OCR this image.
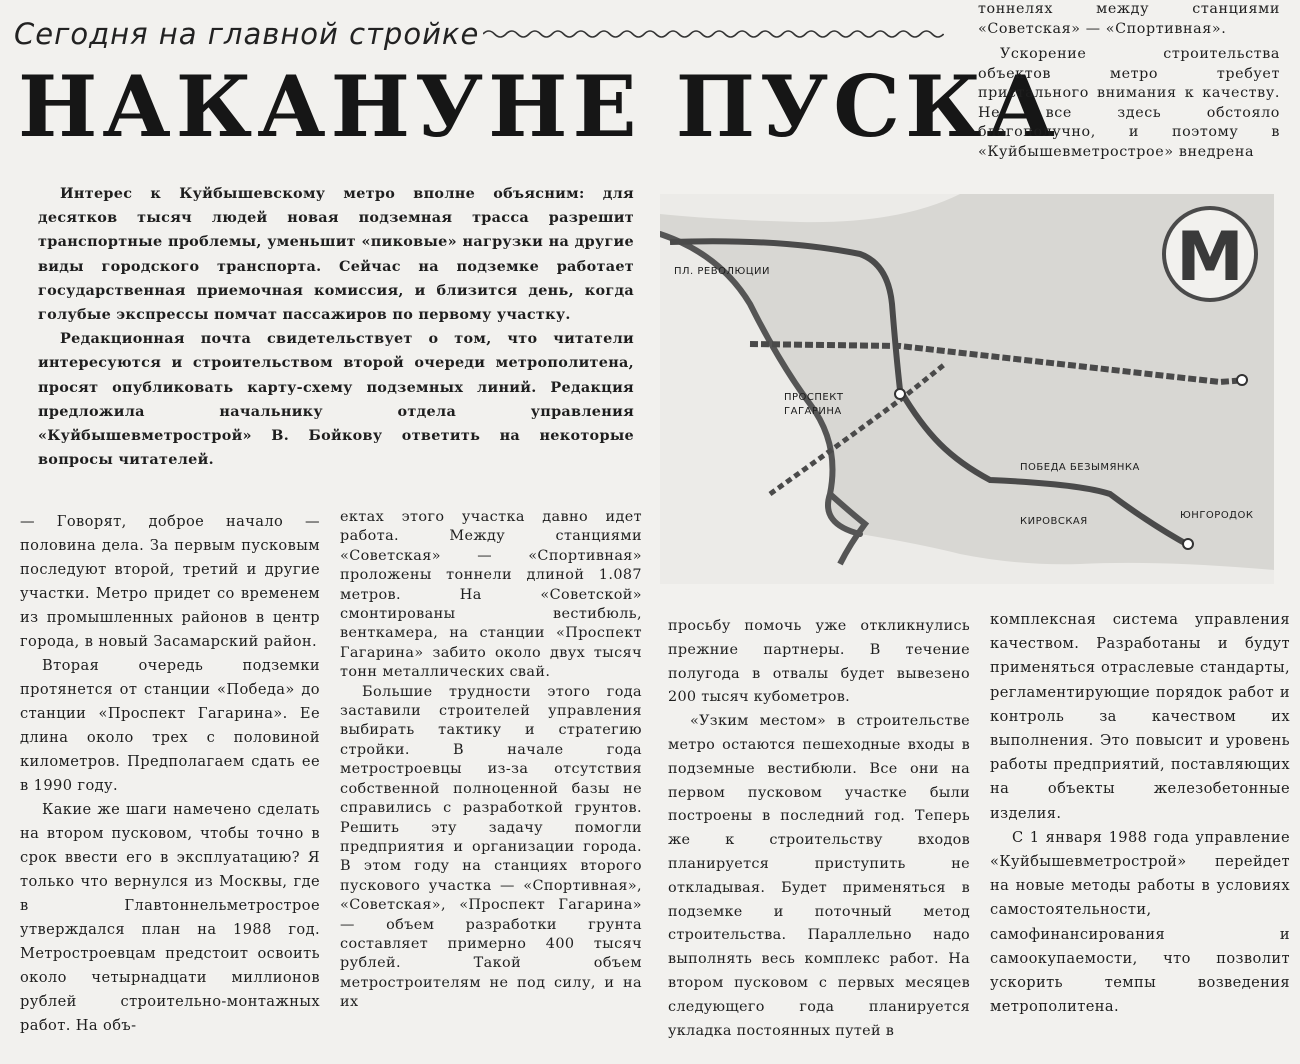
Сегодня на главной стройке
НАКАНУНЕ ПУСКА

тоннелях между станциями «Советская» — «Спортивная».

Ускорение строительства объектов метро требует пристального внимания к качеству. Не все здесь обстояло благополучно, и поэтому в «Куйбышевметрострое» внедрена

Интерес к Куйбышевскому метро вполне объясним: для десятков тысяч людей новая подземная трасса разрешит транспортные проблемы, уменьшит «пиковые» нагрузки на другие виды городского транспорта. Сейчас на подземке работает государственная приемочная комиссия, и близится день, когда голубые экспрессы помчат пассажиров по первому участку.

Редакционная почта свидетельствует о том, что читатели интересуются и строительством второй очереди метрополитена, просят опубликовать карту-схему подземных линий. Редакция предложила начальнику отдела управления «Куйбышевметрострой» В. Бойкову ответить на некоторые вопросы читателей.

ПЛ. РЕВОЛЮЦИИ
ПРОСПЕКТ
ГАГАРИНА
ПОБЕДА БЕЗЫМЯНКА
КИРОВСКАЯ
ЮНГОРОДОК
М

— Говорят, доброе начало — половина дела. За первым пусковым последуют второй, третий и другие участки. Метро придет со временем из промышленных районов в центр города, в новый Засамарский район.

Вторая очередь подземки протянется от станции «Победа» до станции «Проспект Гагарина». Ее длина около трех с половиной километров. Предполагаем сдать ее в 1990 году.

Какие же шаги намечено сделать на втором пусковом, чтобы точно в срок ввести его в эксплуатацию? Я только что вернулся из Москвы, где в Главтоннельметрострое утверждался план на 1988 год. Метростроевцам предстоит освоить около четырнадцати миллионов рублей строительно-монтажных работ. На объ-

ектах этого участка давно идет работа. Между станциями «Советская» — «Спортивная» проложены тоннели длиной 1.087 метров. На «Советской» смонтированы вестибюль, венткамера, на станции «Проспект Гагарина» забито около двух тысяч тонн металлических свай.

Большие трудности этого года заставили строителей управления выбирать тактику и стратегию стройки. В начале года метростроевцы из-за отсутствия собственной полноценной базы не справились с разработкой грунтов. Решить эту задачу помогли предприятия и организации города. В этом году на станциях второго пускового участка — «Спортивная», «Советская», «Проспект Гагарина» — объем разработки грунта составляет примерно 400 тысяч рублей. Такой объем метростроителям не под силу, и на их

просьбу помочь уже откликнулись прежние партнеры. В течение полугода в отвалы будет вывезено 200 тысяч кубометров.

«Узким местом» в строительстве метро остаются пешеходные входы в подземные вестибюли. Все они на первом пусковом участке были построены в последний год. Теперь же к строительству входов планируется приступить не откладывая. Будет применяться в подземке и поточный метод строительства. Параллельно надо выполнять весь комплекс работ. На втором пусковом с первых месяцев следующего года планируется укладка постоянных путей в

комплексная система управления качеством. Разработаны и будут применяться отраслевые стандарты, регламентирующие порядок работ и контроль за качеством их выполнения. Это повысит и уровень работы предприятий, поставляющих на объекты железобетонные изделия.

С 1 января 1988 года управление «Куйбышевметрострой» перейдет на новые методы работы в условиях самостоятельности, самофинансирования и самоокупаемости, что позволит ускорить темпы возведения метрополитена.
